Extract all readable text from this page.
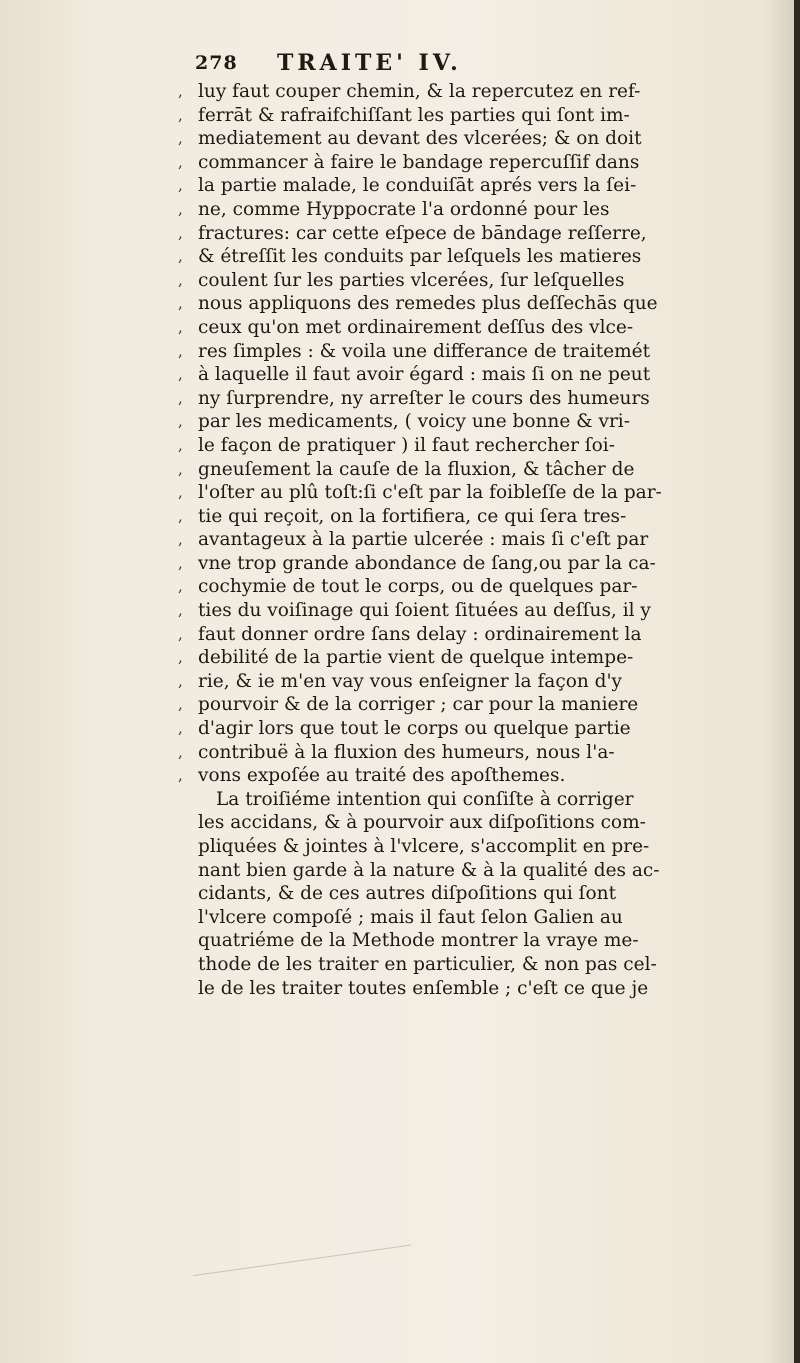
278 TRAITE' IV.
, luy faut couper chemin, & la repercutez en ref-
, ferrāt & rafraifchiſſant les parties qui ſont im-
, mediatement au devant des vlcerées; & on doit
, commancer à faire le bandage repercuſſif dans
, la partie malade, le conduiſāt aprés vers la ſei-
, ne, comme Hyppocrate l'a ordonné pour les
, fractures: car cette eſpece de bāndage reſſerre,
, & étreſſit les conduits par leſquels les matieres
, coulent ſur les parties vlcerées, ſur leſquelles
, nous appliquons des remedes plus deſſechās que
, ceux qu'on met ordinairement deſſus des vlce-
, res ſimples : & voila une differance de traitemét
, à laquelle il faut avoir égard : mais ſi on ne peut
, ny ſurprendre, ny arreſter le cours des humeurs
, par les medicaments, ( voicy une bonne & vri-
, le façon de pratiquer ) il faut rechercher ſoi-
, gneuſement la cauſe de la fluxion, & tâcher de
, l'oſter au plû toſt:ſi c'eſt par la foibleſſe de la par-
, tie qui reçoit, on la fortifiera, ce qui ſera tres-
, avantageux à la partie ulcerée : mais ſi c'eſt par
, vne trop grande abondance de ſang,ou par la ca-
, cochymie de tout le corps, ou de quelques par-
, ties du voiſinage qui ſoient ſituées au deſſus, il y
, faut donner ordre ſans delay : ordinairement la
, debilité de la partie vient de quelque intempe-
, rie, & ie m'en vay vous enſeigner la façon d'y
, pourvoir & de la corriger ; car pour la maniere
, d'agir lors que tout le corps ou quelque partie
, contribuë à la fluxion des humeurs, nous l'a-
, vons expoſée au traité des apoſthemes.
La troiſiéme intention qui conſiſte à corriger
les accidans, & à pourvoir aux diſpoſitions com-
pliquées & jointes à l'vlcere, s'accomplit en pre-
nant bien garde à la nature & à la qualité des ac-
cidants, & de ces autres diſpoſitions qui ſont
l'vlcere compoſé ; mais il faut ſelon Galien au
quatriéme de la Methode montrer la vraye me-
thode de les traiter en particulier, & non pas cel-
le de les traiter toutes enſemble ; c'eſt ce que je
